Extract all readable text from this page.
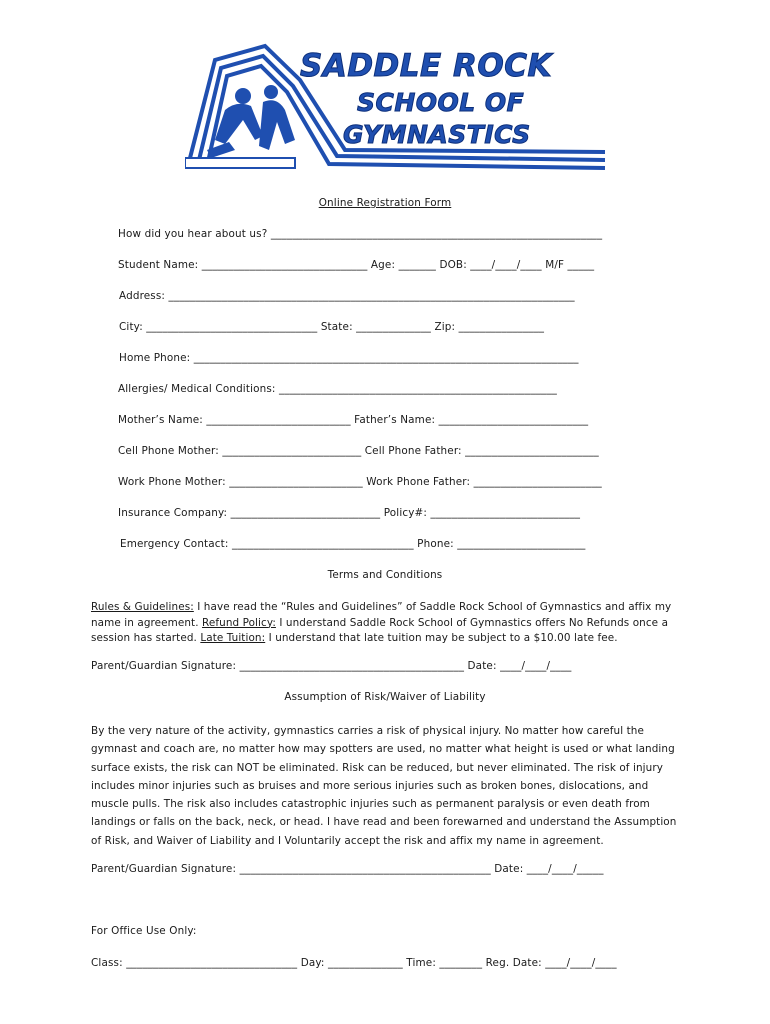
SADDLE ROCK
SCHOOL OF
GYMNASTICS
Online Registration Form
How did you hear about us? ______________________________________________________________
Student Name: _______________________________ Age: _______ DOB: ____/____/____ M/F _____
Address: ____________________________________________________________________________
City: ________________________________ State: ______________ Zip: ________________
Home Phone: ________________________________________________________________________
Allergies/ Medical Conditions: ____________________________________________________
Mother’s Name: ___________________________ Father’s Name: ____________________________
Cell Phone Mother: __________________________ Cell Phone Father: _________________________
Work Phone Mother: _________________________ Work Phone Father: ________________________
Insurance Company: ____________________________ Policy#: ____________________________
Emergency Contact: __________________________________ Phone: ________________________
Terms and Conditions
Rules & Guidelines: I have read the “Rules and Guidelines” of Saddle Rock School of Gymnastics and affix my name in agreement. Refund Policy: I understand Saddle Rock School of Gymnastics offers No Refunds once a session has started. Late Tuition: I understand that late tuition may be subject to a $10.00 late fee.
Parent/Guardian Signature: __________________________________________ Date: ____/____/____
Assumption of Risk/Waiver of Liability
By the very nature of the activity, gymnastics carries a risk of physical injury. No matter how careful the gymnast and coach are, no matter how may spotters are used, no matter what height is used or what landing surface exists, the risk can NOT be eliminated. Risk can be reduced, but never eliminated. The risk of injury includes minor injuries such as bruises and more serious injuries such as broken bones, dislocations, and muscle pulls. The risk also includes catastrophic injuries such as permanent paralysis or even death from landings or falls on the back, neck, or head. I have read and been forewarned and understand the Assumption of Risk, and Waiver of Liability and I Voluntarily accept the risk and affix my name in agreement.
Parent/Guardian Signature: _______________________________________________ Date: ____/____/_____
For Office Use Only:
Class: ________________________________ Day: ______________ Time: ________ Reg. Date: ____/____/____
